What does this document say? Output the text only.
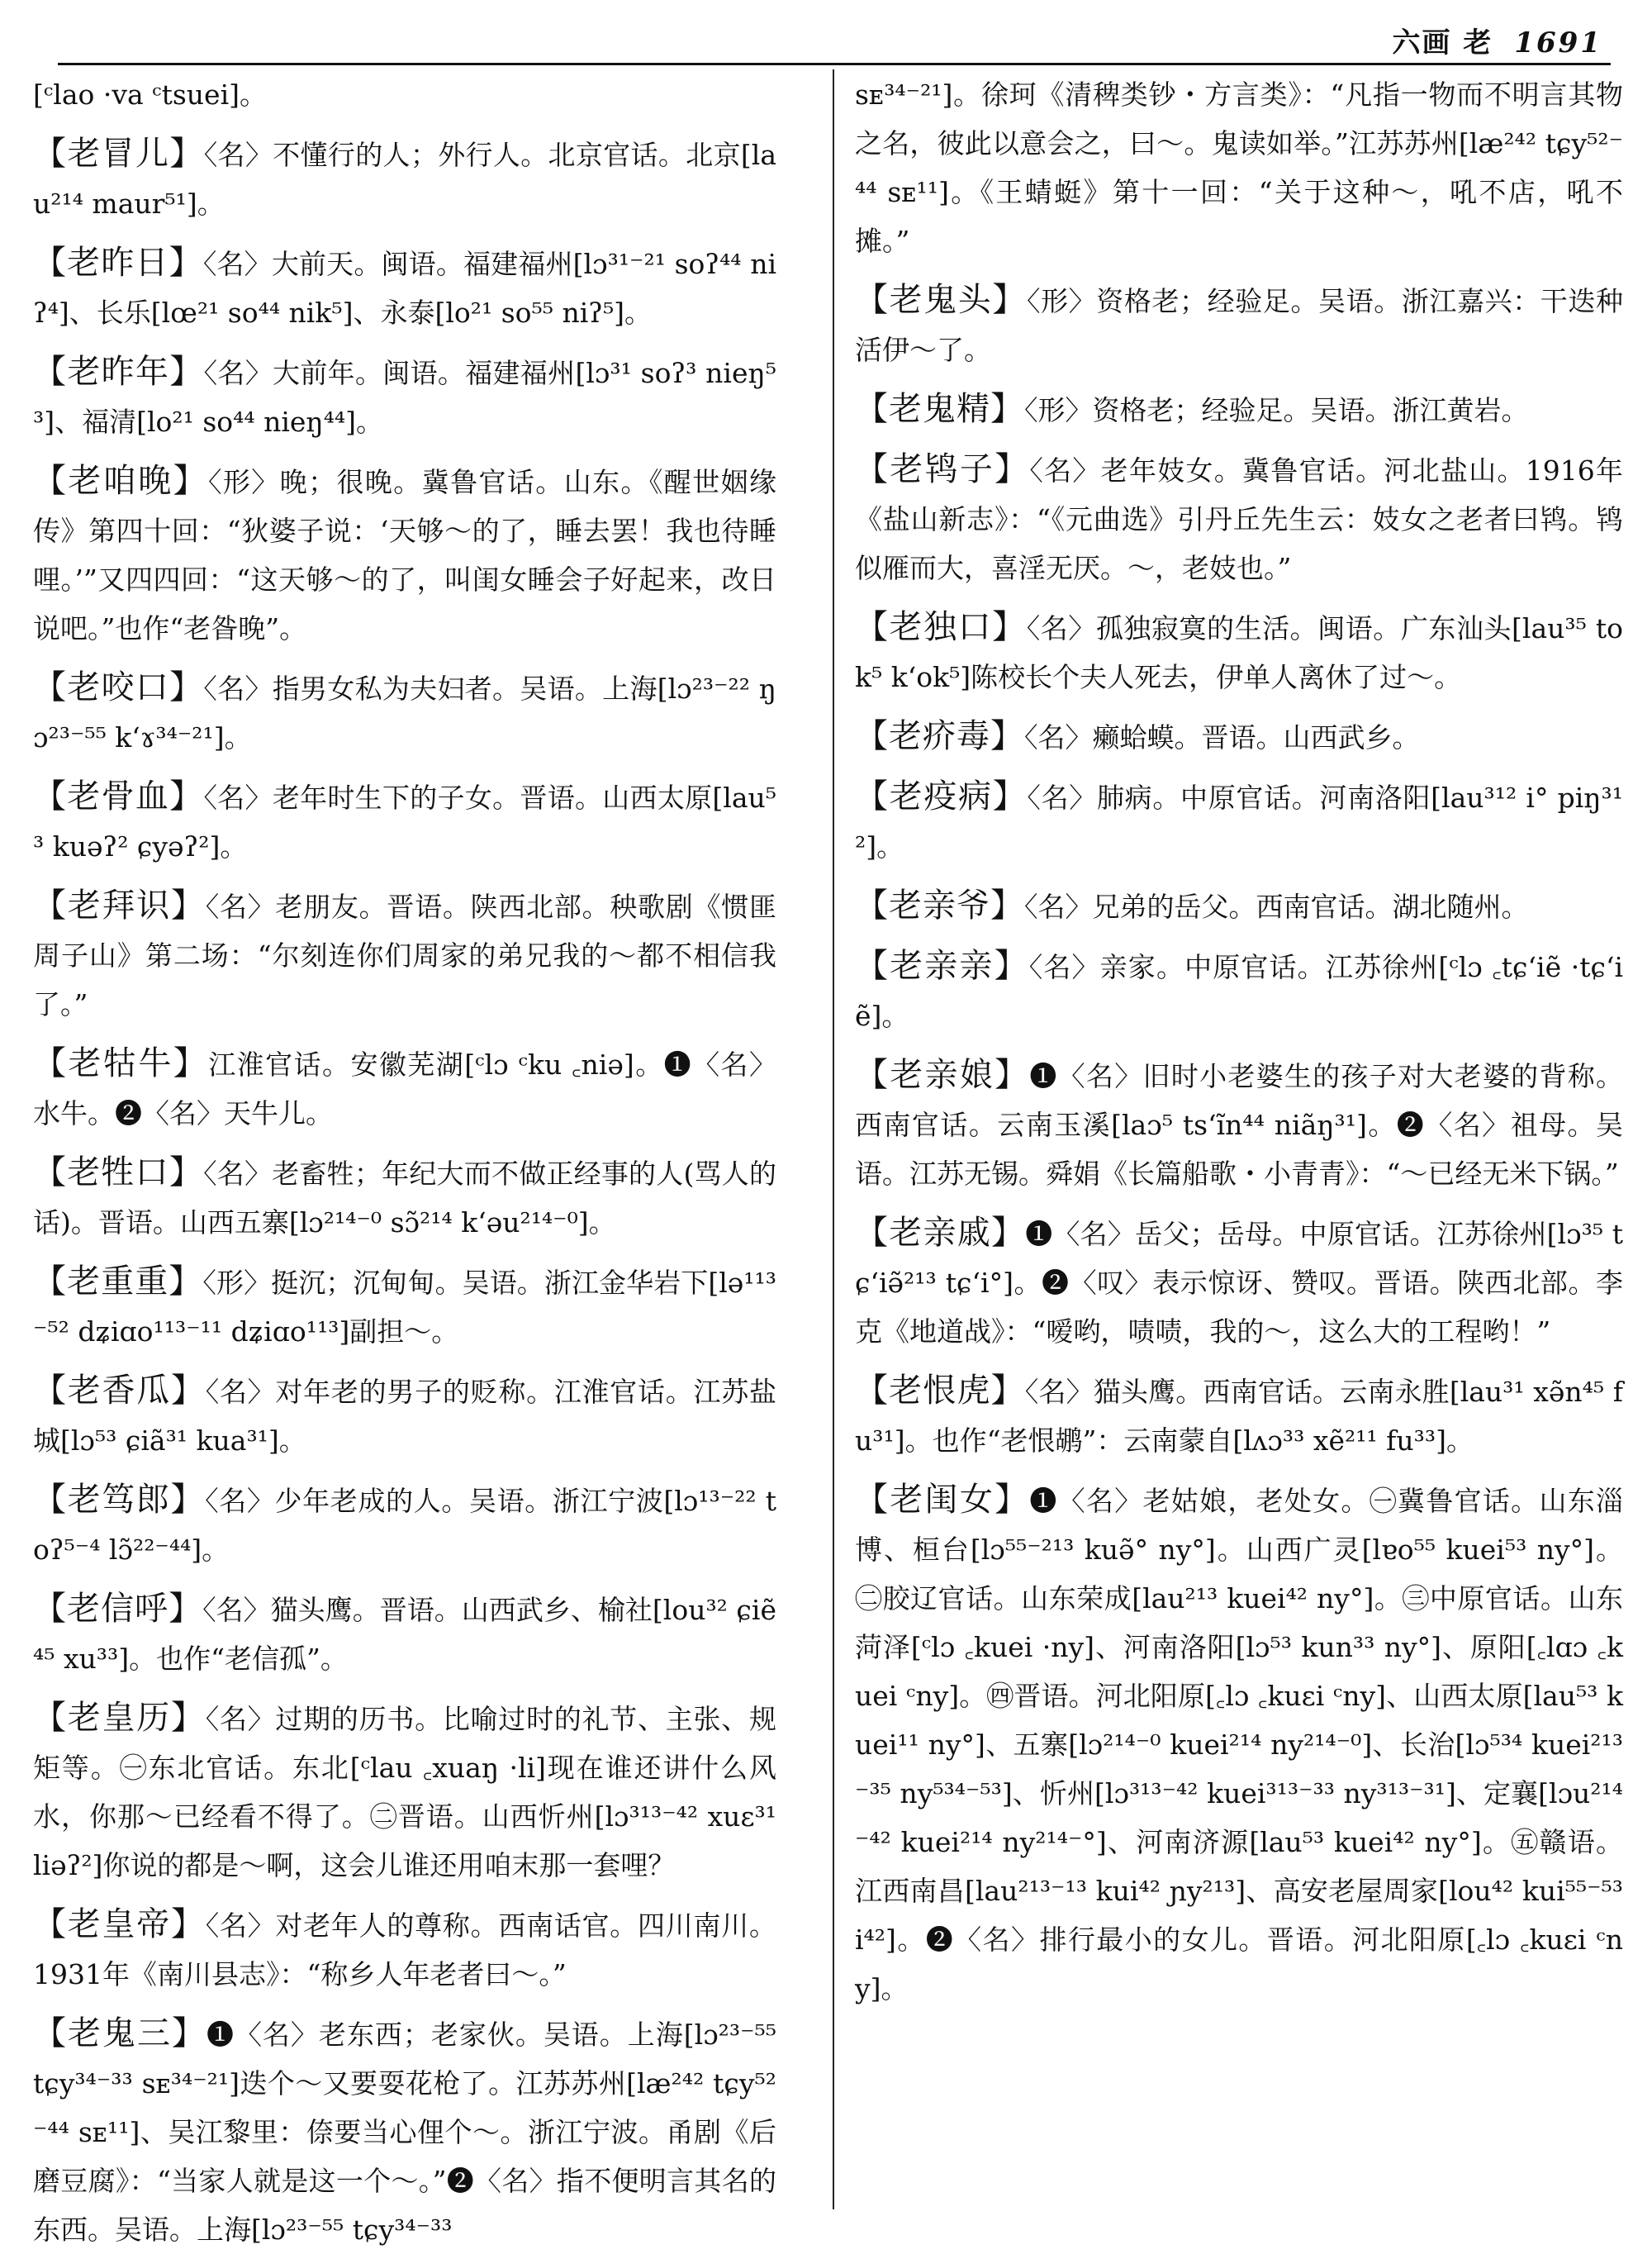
六画 老 1691

[ᶜlao ·va ᶜtsuei]。

【老冒儿】〈名〉不懂行的人；外行人。北京官话。北京[lau²¹⁴ maur⁵¹]。

【老昨日】〈名〉大前天。闽语。福建福州[lɔ³¹⁻²¹ soʔ⁴⁴ niʔ⁴]、长乐[lœ²¹ so⁴⁴ nik⁵]、永泰[lo²¹ so⁵⁵ niʔ⁵]。

【老昨年】〈名〉大前年。闽语。福建福州[lɔ³¹ soʔ³ nieŋ⁵³]、福清[lo²¹ so⁴⁴ nieŋ⁴⁴]。

【老咱晚】〈形〉晚；很晚。冀鲁官话。山东。《醒世姻缘传》第四十回：“狄婆子说：‘天够～的了，睡去罢！我也待睡哩。’”又四四回：“这天够～的了，叫闺女睡会子好起来，改日说吧。”也作“老昝晚”。

【老咬口】〈名〉指男女私为夫妇者。吴语。上海[lɔ²³⁻²² ŋɔ²³⁻⁵⁵ k‘ɤ³⁴⁻²¹]。

【老骨血】〈名〉老年时生下的子女。晋语。山西太原[lau⁵³ kuəʔ² ɕyəʔ²]。

【老拜识】〈名〉老朋友。晋语。陕西北部。秧歌剧《惯匪周子山》第二场：“尔刻连你们周家的弟兄我的～都不相信我了。”

【老牯牛】江淮官话。安徽芜湖[ᶜlɔ ᶜku ꜀niə]。❶〈名〉水牛。❷〈名〉天牛儿。

【老牲口】〈名〉老畜牲；年纪大而不做正经事的人(骂人的话)。晋语。山西五寨[lɔ²¹⁴⁻⁰ sɔ̃²¹⁴ k‘əu²¹⁴⁻⁰]。

【老重重】〈形〉挺沉；沉甸甸。吴语。浙江金华岩下[lə¹¹³⁻⁵² dʑiɑo¹¹³⁻¹¹ dʑiɑo¹¹³]副担～。

【老香瓜】〈名〉对年老的男子的贬称。江淮官话。江苏盐城[lɔ⁵³ ɕiã³¹ kua³¹]。

【老笃郎】〈名〉少年老成的人。吴语。浙江宁波[lɔ¹³⁻²² toʔ⁵⁻⁴ lɔ̃²²⁻⁴⁴]。

【老信呼】〈名〉猫头鹰。晋语。山西武乡、榆社[lou³² ɕiẽ⁴⁵ xu³³]。也作“老信孤”。

【老皇历】〈名〉过期的历书。比喻过时的礼节、主张、规矩等。㊀东北官话。东北[ᶜlau ꜀xuaŋ ·li]现在谁还讲什么风水，你那～已经看不得了。㊁晋语。山西忻州[lɔ³¹³⁻⁴² xuɛ³¹ liəʔ²]你说的都是～啊，这会儿谁还用咱末那一套哩？

【老皇帝】〈名〉对老年人的尊称。西南话官。四川南川。1931年《南川县志》：“称乡人年老者曰～。”

【老鬼三】❶〈名〉老东西；老家伙。吴语。上海[lɔ²³⁻⁵⁵ tɕy³⁴⁻³³ sᴇ³⁴⁻²¹]迭个～又要耍花枪了。江苏苏州[læ²⁴² tɕy⁵²⁻⁴⁴ sᴇ¹¹]、吴江黎里：倷要当心俚个～。浙江宁波。甬剧《后磨豆腐》：“当家人就是这一个～。”❷〈名〉指不便明言其名的东西。吴语。上海[lɔ²³⁻⁵⁵ tɕy³⁴⁻³³

sᴇ³⁴⁻²¹]。徐珂《清稗类钞・方言类》：“凡指一物而不明言其物之名，彼此以意会之，曰～。鬼读如举。”江苏苏州[læ²⁴² tɕy⁵²⁻⁴⁴ sᴇ¹¹]。《王蜻蜓》第十一回：“关于这种～，吼不店，吼不摊。”

【老鬼头】〈形〉资格老；经验足。吴语。浙江嘉兴：干迭种活伊～了。

【老鬼精】〈形〉资格老；经验足。吴语。浙江黄岩。

【老鸨子】〈名〉老年妓女。冀鲁官话。河北盐山。1916年《盐山新志》：“《元曲选》引丹丘先生云：妓女之老者曰鸨。鸨似雁而大，喜淫无厌。～，老妓也。”

【老独口】〈名〉孤独寂寞的生活。闽语。广东汕头[lau³⁵ tok⁵ k‘ok⁵]陈校长个夫人死去，伊单人离休了过～。

【老疥毒】〈名〉癞蛤蟆。晋语。山西武乡。

【老疫病】〈名〉肺病。中原官话。河南洛阳[lau³¹² i° piŋ³¹²]。

【老亲爷】〈名〉兄弟的岳父。西南官话。湖北随州。

【老亲亲】〈名〉亲家。中原官话。江苏徐州[ᶜlɔ ꜀tɕ‘iẽ ·tɕ‘iẽ]。

【老亲娘】❶〈名〉旧时小老婆生的孩子对大老婆的背称。西南官话。云南玉溪[laɔ⁵ ts‘ĩn⁴⁴ niãŋ³¹]。❷〈名〉祖母。吴语。江苏无锡。舜娟《长篇船歌・小青青》：“～已经无米下锅。”

【老亲戚】❶〈名〉岳父；岳母。中原官话。江苏徐州[lɔ³⁵ tɕ‘iə̃²¹³ tɕ‘i°]。❷〈叹〉表示惊讶、赞叹。晋语。陕西北部。李克《地道战》：“嗳哟，啧啧，我的～，这么大的工程哟！”

【老恨虎】〈名〉猫头鹰。西南官话。云南永胜[lau³¹ xə̃n⁴⁵ fu³¹]。也作“老恨鹕”：云南蒙自[lʌɔ³³ xẽ²¹¹ fu³³]。

【老闺女】❶〈名〉老姑娘，老处女。㊀冀鲁官话。山东淄博、桓台[lɔ⁵⁵⁻²¹³ kuə̃° ny°]。山西广灵[lɐo⁵⁵ kuei⁵³ ny°]。㊁胶辽官话。山东荣成[lau²¹³ kuei⁴² ny°]。㊂中原官话。山东菏泽[ᶜlɔ ꜀kuei ·ny]、河南洛阳[lɔ⁵³ kun³³ ny°]、原阳[꜀lɑɔ ꜀kuei ᶜny]。㊃晋语。河北阳原[꜀lɔ ꜀kuɛi ᶜny]、山西太原[lau⁵³ kuei¹¹ ny°]、五寨[lɔ²¹⁴⁻⁰ kuei²¹⁴ ny²¹⁴⁻⁰]、长治[lɔ⁵³⁴ kuei²¹³⁻³⁵ ny⁵³⁴⁻⁵³]、忻州[lɔ³¹³⁻⁴² kuei³¹³⁻³³ ny³¹³⁻³¹]、定襄[lɔu²¹⁴⁻⁴² kuei²¹⁴ ny²¹⁴⁻°]、河南济源[lau⁵³ kuei⁴² ny°]。㊄赣语。江西南昌[lau²¹³⁻¹³ kui⁴² ɲy²¹³]、高安老屋周家[lou⁴² kui⁵⁵⁻⁵³ i⁴²]。❷〈名〉排行最小的女儿。晋语。河北阳原[꜀lɔ ꜀kuɛi ᶜny]。
